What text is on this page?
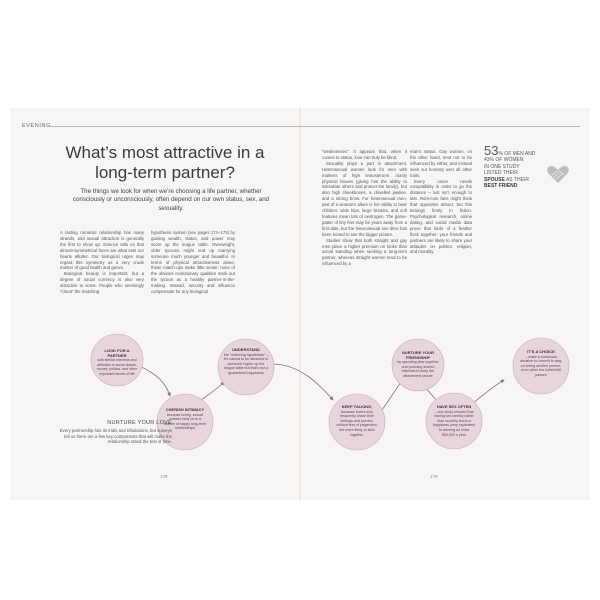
EVENING
What’s most attractive in a long-term partner?
The things we look for when we’re choosing a life partner, whether consciously or unconsciously, often depend on our own status, sex, and sexuality.

A lasting romantic relationship has many strands, and sexual attraction is generally the first to show up. Science tells us that almost-symmetrical faces are what sets our hearts aflutter. Our biological urges may regard this symmetry as a very crude marker of good health and genes.

Biological beauty is important, but a degree of social currency is also very attractive to some. People who seemingly “cheat” the matching

hypothesis system (see pages 174–175) by gaining wealth, status, and power may score up the league table. Overweight, older tycoons might end up marrying someone much younger and beautiful. In terms of physical attractiveness alone, these match-ups make little sense: none of the obvious evolutionary qualities mark out the tycoon as a healthy partner-in-the-making. Instead, security and influence compensate for any biological

“weaknesses”. It appears that, when it comes to status, love can truly be blind.

Sexuality plays a part in attachment. Heterosexual women look for men with markers of high testosterone: manly physical braves (giving him the ability to intimidate others and protect the family), but also high cheekbones, a chiselled jawline, and a strong brow. For heterosexual men, part of a woman’s allure is her ability to bear children: wide hips, large breasts, and soft features mean lots of oestrogen. The game-patter of tiny feet may be years away from a first date, but the heterosexual sex drive has been honed to see the bigger picture.

Studies show that both straight and gay men place a higher premium on looks than social standing when seeking a long-term partner, whereas straight women tend to be influenced by a

man’s status. Gay women, on the other hand, tend not to be influenced by either, and instead seek out honesty over all other traits.

Every union needs compatibility in order to go the distance – lust isn’t enough to last. Rom-com fans might think that opposites attract, but this belongs firmly in fiction. Psychological research, online dating, and social media data prove that birds of a feather flock together: your friends and partners are likely to share your attitudes on politics, religion, and morality.

53% OF MEN AND
43% OF WOMEN
IN ONE STUDY
LISTED THEIR
SPOUSE AS THEIR
BEST FRIEND
LOOK FOR A PARTNER
with similar interests and attitudes to social issues, money, politics, and other important facets of life
CHERISH INTIMACY
because loving, sexual contact early on is a feature of happy long-term relationships
UNDERSTAND
the “matching hypothesis” – it’s natural to be attracted to someone higher up the league table but that’s not a guaranteed happiness
KEEP TALKING,
because lovers who frequently share their feelings and worries, without fear of judgement, are more likely to stick together
NURTURE YOUR FRIENDSHIP
by spending time together and pursuing shared interests to keep the attachment secure
HAVE SEX OFTEN
– one study showed that having sex weekly rather than monthly led to a happiness jump equivalent to winning an extra $50,000 a year
IT’S A CHOICE
– make a conscious decision to commit to stay, on loving another person, even when the initial thrill passes
NURTURE YOUR LOVE
Every partnership has its trials and tribulations, but surveys tell us there are a few key components that will make the relationship stand the test of time.
178	179
